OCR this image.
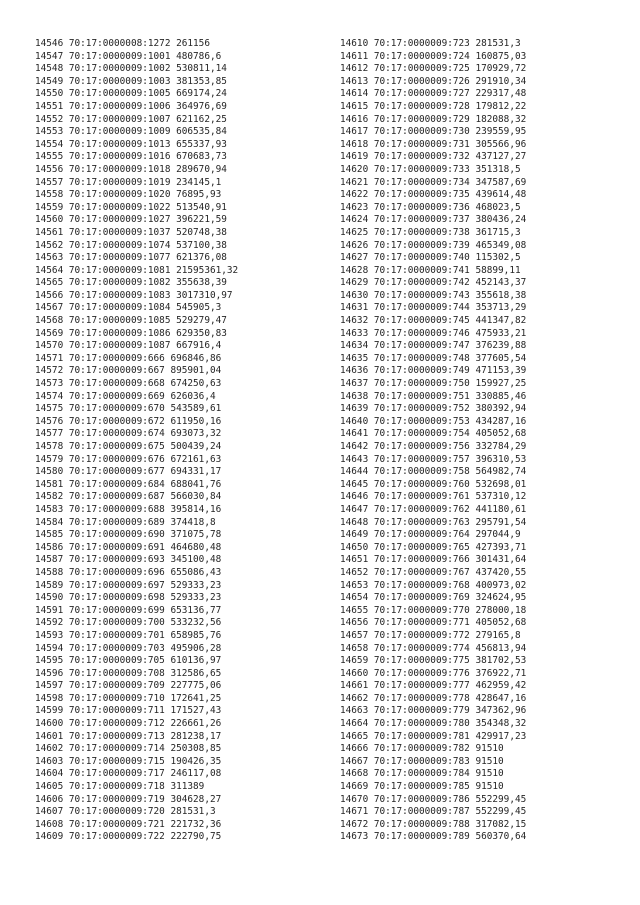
14546 70:17:0000008:1272 261156
14547 70:17:0000009:1001 480786,6
14548 70:17:0000009:1002 530811,14
14549 70:17:0000009:1003 381353,85
14550 70:17:0000009:1005 669174,24
14551 70:17:0000009:1006 364976,69
14552 70:17:0000009:1007 621162,25
14553 70:17:0000009:1009 606535,84
14554 70:17:0000009:1013 655337,93
14555 70:17:0000009:1016 670683,73
14556 70:17:0000009:1018 289670,94
14557 70:17:0000009:1019 234145,1
14558 70:17:0000009:1020 76895,93
14559 70:17:0000009:1022 513540,91
14560 70:17:0000009:1027 396221,59
14561 70:17:0000009:1037 520748,38
14562 70:17:0000009:1074 537100,38
14563 70:17:0000009:1077 621376,08
14564 70:17:0000009:1081 21595361,32
14565 70:17:0000009:1082 355638,39
14566 70:17:0000009:1083 3017310,97
14567 70:17:0000009:1084 545905,3
14568 70:17:0000009:1085 529279,47
14569 70:17:0000009:1086 629350,83
14570 70:17:0000009:1087 667916,4
14571 70:17:0000009:666 696846,86
14572 70:17:0000009:667 895901,04
14573 70:17:0000009:668 674250,63
14574 70:17:0000009:669 626036,4
14575 70:17:0000009:670 543589,61
14576 70:17:0000009:672 611950,16
14577 70:17:0000009:674 693073,32
14578 70:17:0000009:675 500439,24
14579 70:17:0000009:676 672161,63
14580 70:17:0000009:677 694331,17
14581 70:17:0000009:684 688041,76
14582 70:17:0000009:687 566030,84
14583 70:17:0000009:688 395814,16
14584 70:17:0000009:689 374418,8
14585 70:17:0000009:690 371075,78
14586 70:17:0000009:691 464680,48
14587 70:17:0000009:693 345100,48
14588 70:17:0000009:696 655086,43
14589 70:17:0000009:697 529333,23
14590 70:17:0000009:698 529333,23
14591 70:17:0000009:699 653136,77
14592 70:17:0000009:700 533232,56
14593 70:17:0000009:701 658985,76
14594 70:17:0000009:703 495906,28
14595 70:17:0000009:705 610136,97
14596 70:17:0000009:708 312586,65
14597 70:17:0000009:709 227775,06
14598 70:17:0000009:710 172641,25
14599 70:17:0000009:711 171527,43
14600 70:17:0000009:712 226661,26
14601 70:17:0000009:713 281238,17
14602 70:17:0000009:714 250308,85
14603 70:17:0000009:715 190426,35
14604 70:17:0000009:717 246117,08
14605 70:17:0000009:718 311389
14606 70:17:0000009:719 304628,27
14607 70:17:0000009:720 281531,3
14608 70:17:0000009:721 221732,36
14609 70:17:0000009:722 222790,75
14610 70:17:0000009:723 281531,3
14611 70:17:0000009:724 160875,03
14612 70:17:0000009:725 170929,72
14613 70:17:0000009:726 291910,34
14614 70:17:0000009:727 229317,48
14615 70:17:0000009:728 179812,22
14616 70:17:0000009:729 182088,32
14617 70:17:0000009:730 239559,95
14618 70:17:0000009:731 305566,96
14619 70:17:0000009:732 437127,27
14620 70:17:0000009:733 351318,5
14621 70:17:0000009:734 347587,69
14622 70:17:0000009:735 439614,48
14623 70:17:0000009:736 468023,5
14624 70:17:0000009:737 380436,24
14625 70:17:0000009:738 361715,3
14626 70:17:0000009:739 465349,08
14627 70:17:0000009:740 115302,5
14628 70:17:0000009:741 58899,11
14629 70:17:0000009:742 452143,37
14630 70:17:0000009:743 355618,38
14631 70:17:0000009:744 353713,29
14632 70:17:0000009:745 441347,82
14633 70:17:0000009:746 475933,21
14634 70:17:0000009:747 376239,88
14635 70:17:0000009:748 377605,54
14636 70:17:0000009:749 471153,39
14637 70:17:0000009:750 159927,25
14638 70:17:0000009:751 330885,46
14639 70:17:0000009:752 380392,94
14640 70:17:0000009:753 434287,16
14641 70:17:0000009:754 405052,68
14642 70:17:0000009:756 332784,29
14643 70:17:0000009:757 396310,53
14644 70:17:0000009:758 564982,74
14645 70:17:0000009:760 532698,01
14646 70:17:0000009:761 537310,12
14647 70:17:0000009:762 441180,61
14648 70:17:0000009:763 295791,54
14649 70:17:0000009:764 297044,9
14650 70:17:0000009:765 427393,71
14651 70:17:0000009:766 301431,64
14652 70:17:0000009:767 437420,55
14653 70:17:0000009:768 400973,02
14654 70:17:0000009:769 324624,95
14655 70:17:0000009:770 278000,18
14656 70:17:0000009:771 405052,68
14657 70:17:0000009:772 279165,8
14658 70:17:0000009:774 456813,94
14659 70:17:0000009:775 381702,53
14660 70:17:0000009:776 376922,71
14661 70:17:0000009:777 462959,42
14662 70:17:0000009:778 428647,16
14663 70:17:0000009:779 347362,96
14664 70:17:0000009:780 354348,32
14665 70:17:0000009:781 429917,23
14666 70:17:0000009:782 91510
14667 70:17:0000009:783 91510
14668 70:17:0000009:784 91510
14669 70:17:0000009:785 91510
14670 70:17:0000009:786 552299,45
14671 70:17:0000009:787 552299,45
14672 70:17:0000009:788 317082,15
14673 70:17:0000009:789 560370,64
